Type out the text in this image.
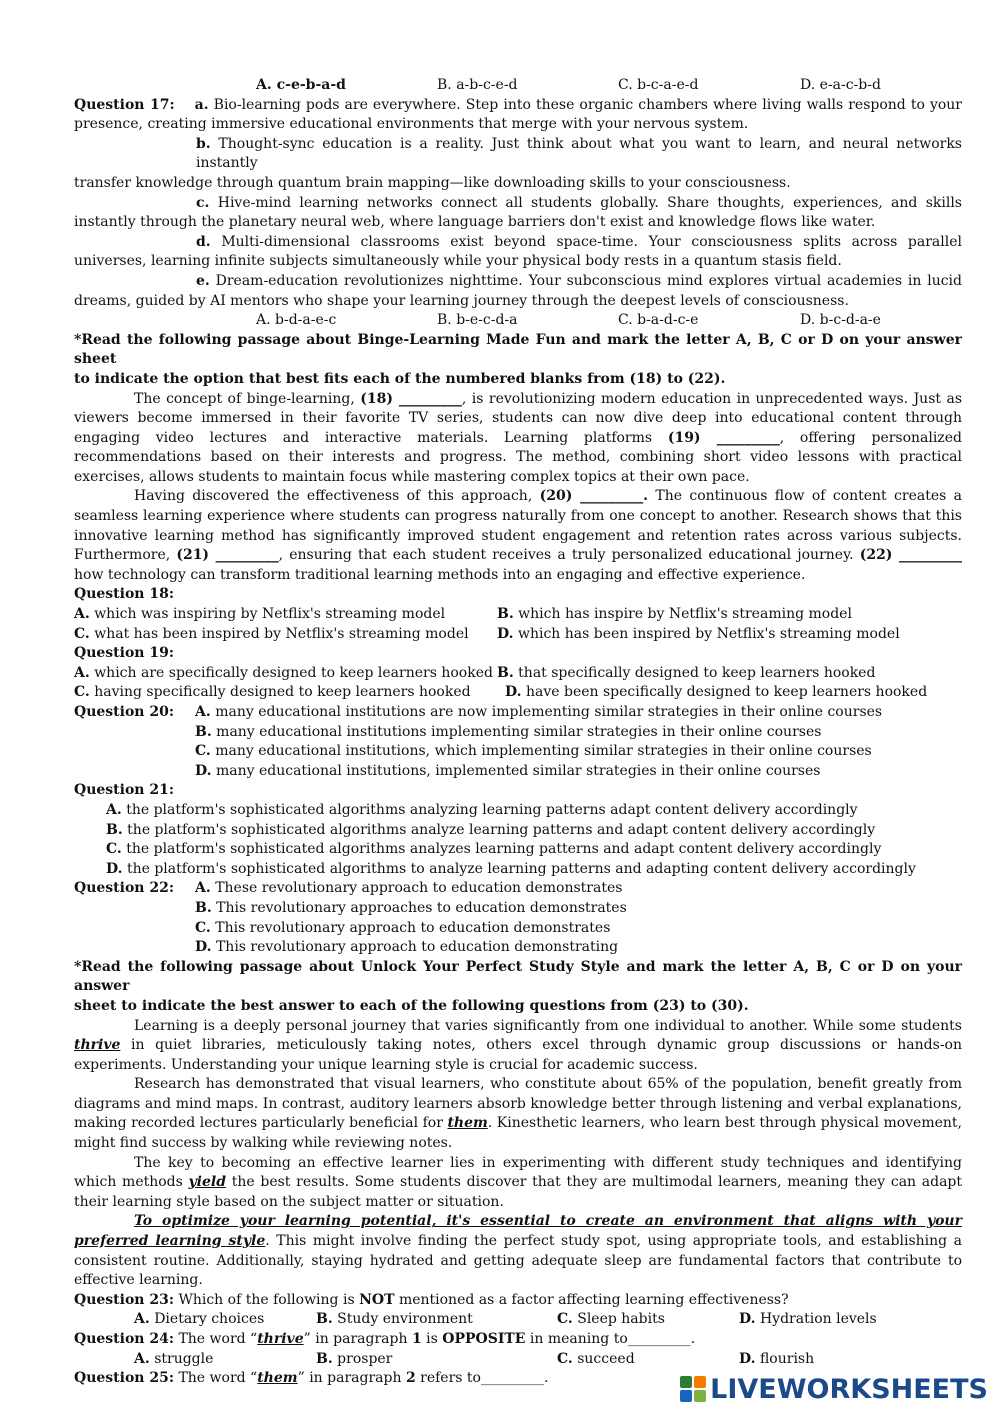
A. c-e-b-a-d	B. a-b-c-e-d	C. b-c-a-e-d	D. e-a-c-b-d
Question 17: a. Bio-learning pods are everywhere. Step into these organic chambers where living walls respond to your
presence, creating immersive educational environments that merge with your nervous system.
b. Thought-sync education is a reality. Just think about what you want to learn, and neural networks instantly
transfer knowledge through quantum brain mapping—like downloading skills to your consciousness.
c. Hive-mind learning networks connect all students globally. Share thoughts, experiences, and skills
instantly through the planetary neural web, where language barriers don't exist and knowledge flows like water.
d. Multi-dimensional classrooms exist beyond space-time. Your consciousness splits across parallel
universes, learning infinite subjects simultaneously while your physical body rests in a quantum stasis field.
e. Dream-education revolutionizes nighttime. Your subconscious mind explores virtual academies in lucid
dreams, guided by AI mentors who shape your learning journey through the deepest levels of consciousness.
A. b-d-a-e-c	B. b-e-c-d-a	C. b-a-d-c-e	D. b-c-d-a-e
*Read the following passage about Binge-Learning Made Fun and mark the letter A, B, C or D on your answer sheet
to indicate the option that best fits each of the numbered blanks from (18) to (22).
The concept of binge-learning, (18) _________, is revolutionizing modern education in unprecedented ways. Just as viewers become immersed in their favorite TV series, students can now dive deep into educational content through engaging video lectures and interactive materials. Learning platforms (19) _________, offering personalized recommendations based on their interests and progress. The method, combining short video lessons with practical exercises, allows students to maintain focus while mastering complex topics at their own pace.
Having discovered the effectiveness of this approach, (20) _________. The continuous flow of content creates a seamless learning experience where students can progress naturally from one concept to another. Research shows that this innovative learning method has significantly improved student engagement and retention rates across various subjects. Furthermore, (21) _________, ensuring that each student receives a truly personalized educational journey. (22) _________ how technology can transform traditional learning methods into an engaging and effective experience.
Question 18:
A. which was inspiring by Netflix's streaming model	B. which has inspire by Netflix's streaming model
C. what has been inspired by Netflix's streaming model D. which has been inspired by Netflix's streaming model
Question 19:
A. which are specifically designed to keep learners hooked B. that specifically designed to keep learners hooked
C. having specifically designed to keep learners hooked D. have been specifically designed to keep learners hooked
Question 20: A. many educational institutions are now implementing similar strategies in their online courses
B. many educational institutions implementing similar strategies in their online courses
C. many educational institutions, which implementing similar strategies in their online courses
D. many educational institutions, implemented similar strategies in their online courses
Question 21:
A. the platform's sophisticated algorithms analyzing learning patterns adapt content delivery accordingly
B. the platform's sophisticated algorithms analyze learning patterns and adapt content delivery accordingly
C. the platform's sophisticated algorithms analyzes learning patterns and adapt content delivery accordingly
D. the platform's sophisticated algorithms to analyze learning patterns and adapting content delivery accordingly
Question 22: A. These revolutionary approach to education demonstrates
B. This revolutionary approaches to education demonstrates
C. This revolutionary approach to education demonstrates
D. This revolutionary approach to education demonstrating
*Read the following passage about Unlock Your Perfect Study Style and mark the letter A, B, C or D on your answer
sheet to indicate the best answer to each of the following questions from (23) to (30).
Learning is a deeply personal journey that varies significantly from one individual to another. While some students thrive in quiet libraries, meticulously taking notes, others excel through dynamic group discussions or hands-on experiments. Understanding your unique learning style is crucial for academic success.
Research has demonstrated that visual learners, who constitute about 65% of the population, benefit greatly from diagrams and mind maps. In contrast, auditory learners absorb knowledge better through listening and verbal explanations, making recorded lectures particularly beneficial for them. Kinesthetic learners, who learn best through physical movement, might find success by walking while reviewing notes.
The key to becoming an effective learner lies in experimenting with different study techniques and identifying which methods yield the best results. Some students discover that they are multimodal learners, meaning they can adapt their learning style based on the subject matter or situation.
To optimize your learning potential, it's essential to create an environment that aligns with your preferred learning style. This might involve finding the perfect study spot, using appropriate tools, and establishing a consistent routine. Additionally, staying hydrated and getting adequate sleep are fundamental factors that contribute to effective learning.
Question 23: Which of the following is NOT mentioned as a factor affecting learning effectiveness?
A. Dietary choices	B. Study environment	C. Sleep habits	D. Hydration levels
Question 24: The word “thrive” in paragraph 1 is OPPOSITE in meaning to_________.
A. struggle	B. prosper	C. succeed	D. flourish
Question 25: The word “them” in paragraph 2 refers to_________.	LIVEWORKSHEETS
